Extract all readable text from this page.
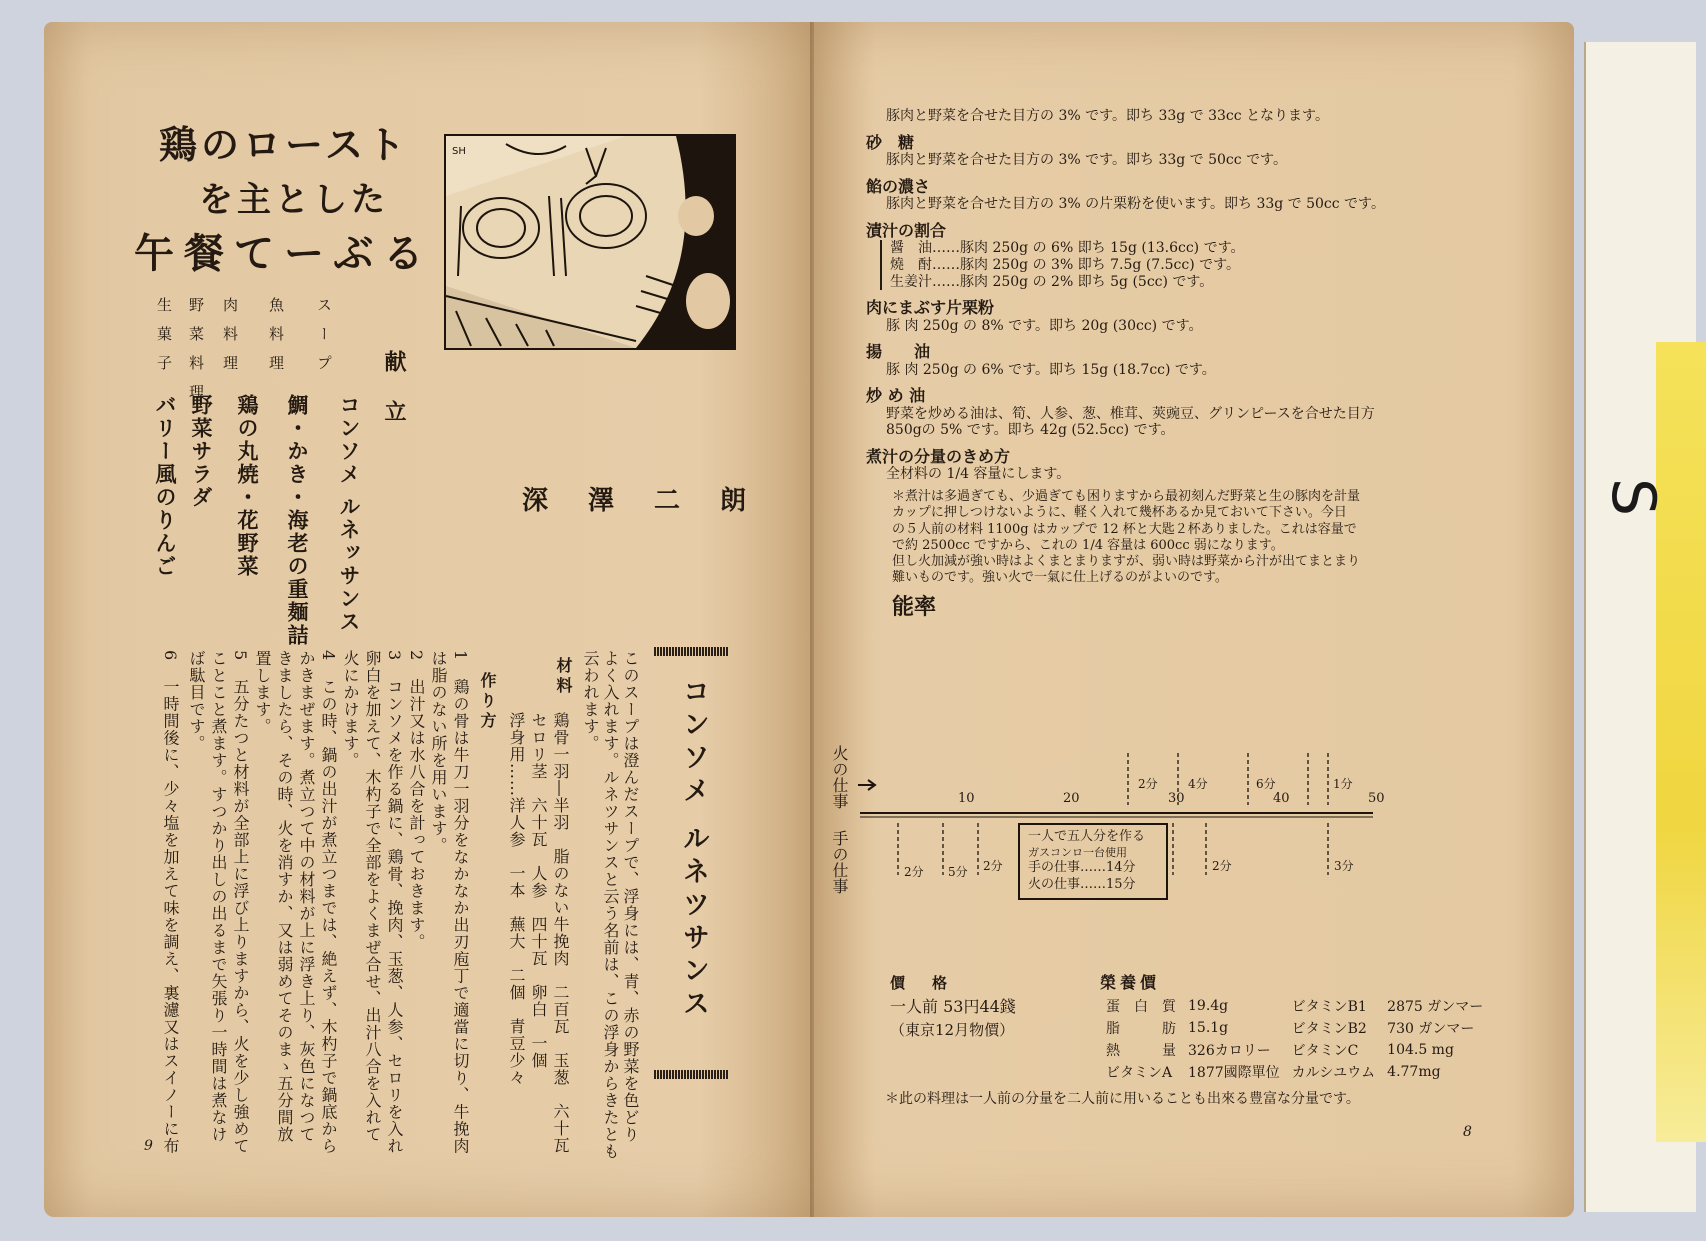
鶏のロースト
を主とした
午餐てーぶる
SH
献立
スープ
コンソメ ルネッサンス
魚料理
鯛・かき・海老の重麺詰
肉料理
鶏の丸焼・花野菜
野菜料理
野菜サラダ
生菓子
バリー風のりんご	深澤二朗
コンソメ ルネツサンス
このスープは澄んだスープで、浮身には、青、赤の野菜を色どり
よく入れます。ルネツサンスと云う名前は、この浮身からきたとも
云われます。
材料
鶏骨一羽―半羽　脂のない牛挽肉　二百瓦　玉葱　六十瓦
セロリ茎　六十瓦　人参　四十瓦　卵白　一個
浮身用……洋人参　一本　蕪大　二個　青豆少々
作り方
1　鶏の骨は牛刀一羽分をなかなか出刃庖丁で適當に切り、牛挽肉
は脂のない所を用います。
2　出汁又は水八合を計っておきます。
3　コンソメを作る鍋に、鶏骨、挽肉、玉葱、人参、セロリを入れ
卵白を加えて、木杓子で全部をよくまぜ合せ、出汁八合を入れて
火にかけます。
4　この時、鍋の出汁が煮立つまでは、絶えず、木杓子で鍋底から
かきまぜます。煮立つて中の材料が上に浮き上り、灰色になつて
きましたら、その時、火を消すか、又は弱めてそのまゝ五分間放
置します。
5　五分たつと材料が全部上に浮び上りますから、火を少し強めて
ことこと煮ます。すつかり出しの出るまで矢張り一時間は煮なけ
ば駄目です。
6　一時間後に、少々塩を加えて味を調え、裏濾又はスイノーに布
9
豚肉と野菜を合せた目方の 3% です。即ち 33g で 33cc となります。
砂　糖
豚肉と野菜を合せた目方の 3% です。即ち 33g で 50cc です。
餡の濃さ
豚肉と野菜を合せた目方の 3% の片栗粉を使います。即ち 33g で 50cc です。
漬汁の割合
醤　油……豚肉 250g の 6% 即ち 15g (13.6cc) です。
燒　酎……豚肉 250g の 3% 即ち 7.5g (7.5cc) です。
生姜汁……豚肉 250g の 2% 即ち 5g (5cc) です。
肉にまぶす片栗粉
豚 肉 250g の 8% です。即ち 20g (30cc) です。
揚　　油
豚 肉 250g の 6% です。即ち 15g (18.7cc) です。
炒 め 油
野菜を炒める油は、筍、人参、葱、椎茸、莢豌豆、グリンピースを合せた目方
850gの 5% です。即ち 42g (52.5cc) です。
煮汁の分量のきめ方
全材料の 1/4 容量にします。
＊煮汁は多過ぎても、少過ぎても困りますから最初刻んだ野菜と生の豚肉を計量
カップに押しつけないように、軽く入れて幾杯あるか見ておいて下さい。今日
の５人前の材料 1100g はカップで 12 杯と大匙２杯ありました。これは容量で
で約 2500cc ですから、これの 1/4 容量は 600cc 弱になります。
但し火加減が強い時はよくまとまりますが、弱い時は野菜から汁が出てまとまり
難いものです。強い火で一氣に仕上げるのがよいのです。
能率
S
火の仕事
手の仕事
10	20	30	40	50
2分	4分	6分	1分
2分 5分 2分	2分	3分
一人で五人分を作る
ガスコンロ一台使用
手の仕事……14分
火の仕事……15分
價　格
一人前 53円44錢
（東京12月物價）
榮養價
蛋　白　質	19.4g	ビタミンB1	2875 ガンマー
脂　　　肪	15.1g	ビタミンB2	730 ガンマー
熱　　　量	326カロリー	ビタミンC	104.5 mg
ビタミンA	1877國際單位	カルシユウム	4.77mg
＊此の料理は一人前の分量を二人前に用いることも出來る豊富な分量です。
8
